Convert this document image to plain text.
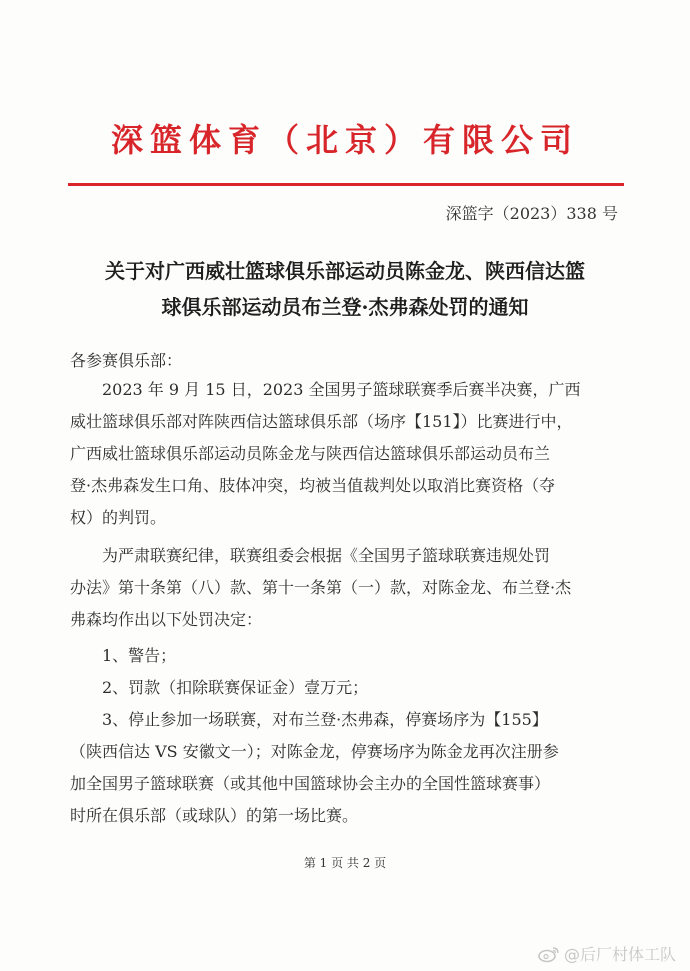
深篮体育（北京）有限公司
深篮字（2023）338 号
关于对广西威壮篮球俱乐部运动员陈金龙、陕西信达篮
球俱乐部运动员布兰登·杰弗森处罚的通知
各参赛俱乐部：
2023 年 9 月 15 日，2023 全国男子篮球联赛季后赛半决赛，广西
威壮篮球俱乐部对阵陕西信达篮球俱乐部（场序【151】）比赛进行中，
广西威壮篮球俱乐部运动员陈金龙与陕西信达篮球俱乐部运动员布兰
登·杰弗森发生口角、肢体冲突，均被当值裁判处以取消比赛资格（夺
权）的判罚。
为严肃联赛纪律，联赛组委会根据《全国男子篮球联赛违规处罚
办法》第十条第（八）款、第十一条第（一）款，对陈金龙、布兰登·杰
弗森均作出以下处罚决定：
1、警告；
2、罚款（扣除联赛保证金）壹万元；
3、停止参加一场联赛，对布兰登·杰弗森，停赛场序为【155】
（陕西信达 VS 安徽文一）；对陈金龙，停赛场序为陈金龙再次注册参
加全国男子篮球联赛（或其他中国篮球协会主办的全国性篮球赛事）
时所在俱乐部（或球队）的第一场比赛。
第 1 页 共 2 页
@后厂村体工队
